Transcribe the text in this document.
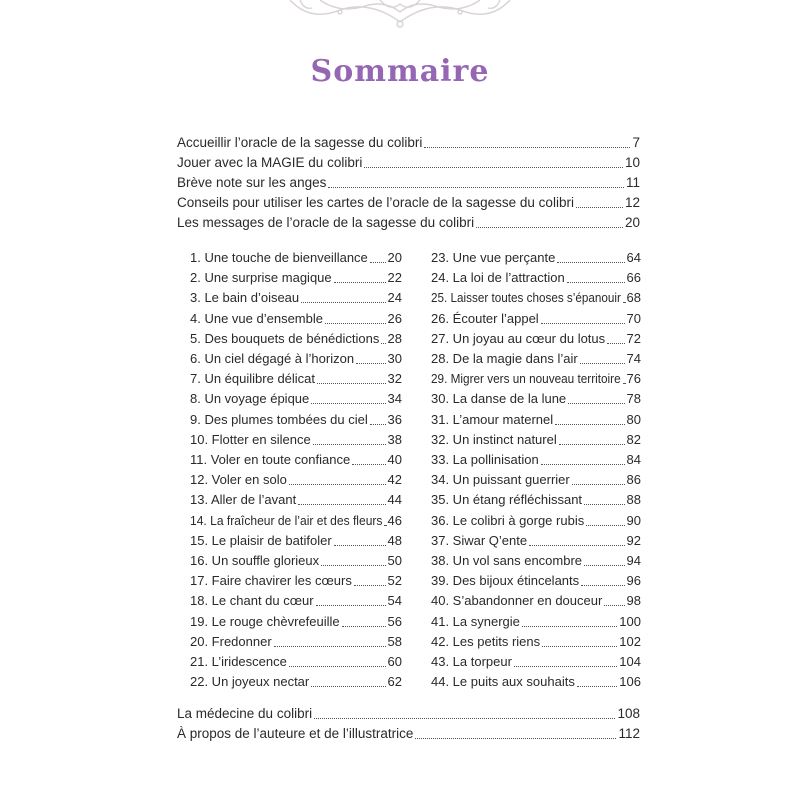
Sommaire
Accueillir l’oracle de la sagesse du colibri	7
Jouer avec la MAGIE du colibri	10
Brève note sur les anges	11
Conseils pour utiliser les cartes de l’oracle de la sagesse du colibri	12
Les messages de l’oracle de la sagesse du colibri	20
1. Une touche de bienveillance 20
2. Une surprise magique	22
3. Le bain d’oiseau	24
4. Une vue d’ensemble	26
5. Des bouquets de bénédictions 28
6. Un ciel dégagé à l’horizon	30
7. Un équilibre délicat	32
8. Un voyage épique	34
9. Des plumes tombées du ciel 36
10. Flotter en silence	38
11. Voler en toute confiance	40
12. Voler en solo	42
13. Aller de l’avant	44
14. La fraîcheur de l’air et des fleurs 46
15. Le plaisir de batifoler	48
16. Un souffle glorieux	50
17. Faire chavirer les cœurs	52
18. Le chant du cœur	54
19. Le rouge chèvrefeuille	56
20. Fredonner	58
21. L’iridescence	60
22. Un joyeux nectar	62
23. Une vue perçante	64
24. La loi de l’attraction	66
25. Laisser toutes choses s’épanouir 68
26. Écouter l’appel	70
27. Un joyau au cœur du lotus 72
28. De la magie dans l’air	74
29. Migrer vers un nouveau territoire 76
30. La danse de la lune	78
31. L’amour maternel	80
32. Un instinct naturel	82
33. La pollinisation	84
34. Un puissant guerrier	86
35. Un étang réfléchissant	88
36. Le colibri à gorge rubis	90
37. Siwar Q’ente	92
38. Un vol sans encombre	94
39. Des bijoux étincelants	96
40. S’abandonner en douceur 98
41. La synergie	100
42. Les petits riens	102
43. La torpeur	104
44. Le puits aux souhaits	106
La médecine du colibri	108
À propos de l’auteure et de l’illustratrice	112
